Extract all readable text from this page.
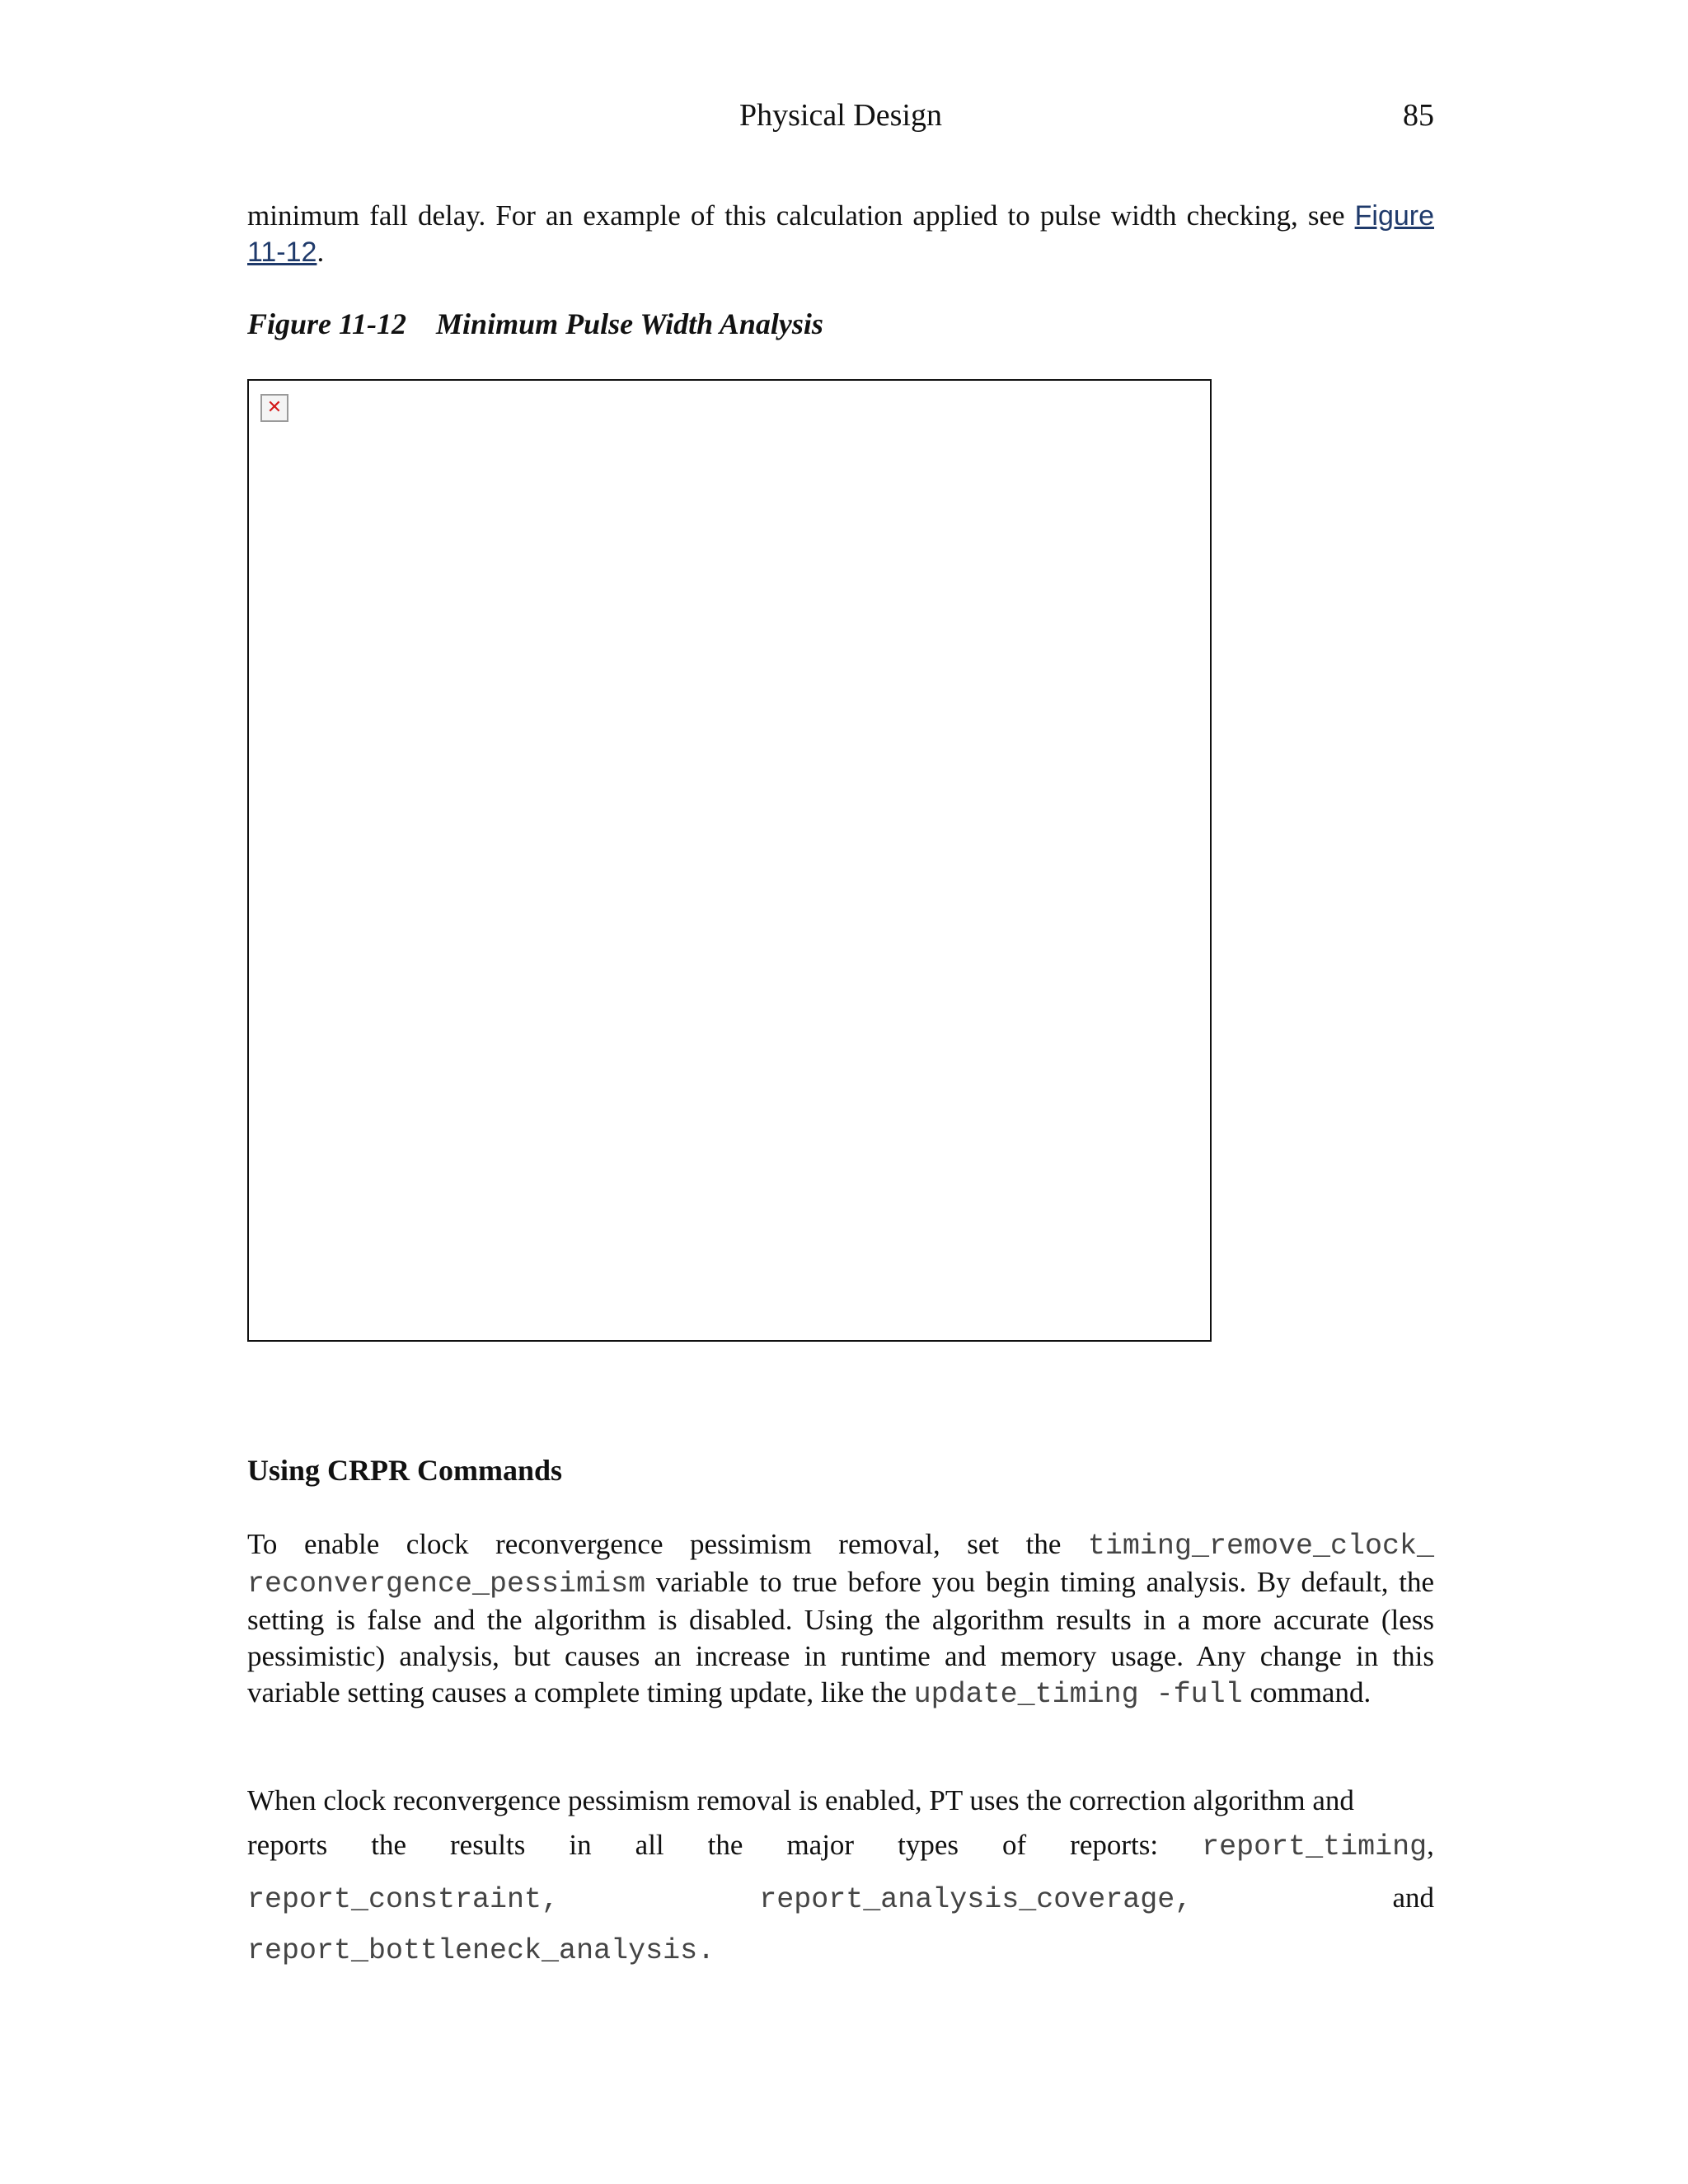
Physical Design	85
minimum fall delay. For an example of this calculation applied to pulse width checking, see Figure 11-12.
Figure 11-12 Minimum Pulse Width Analysis
✕
Using CRPR Commands
To enable clock reconvergence pessimism removal, set the timing_remove_clock_ reconvergence_pessimism variable to true before you begin timing analysis. By default, the setting is false and the algorithm is disabled. Using the algorithm results in a more accurate (less pessimistic) analysis, but causes an increase in runtime and memory usage. Any change in this variable setting causes a complete timing update, like the update_timing -full command.
When clock reconvergence pessimism removal is enabled, PT uses the correction algorithm and
reports the results in all the major types of reports: report_timing,
report_constraint,	report_analysis_coverage,	and
report_bottleneck_analysis.
